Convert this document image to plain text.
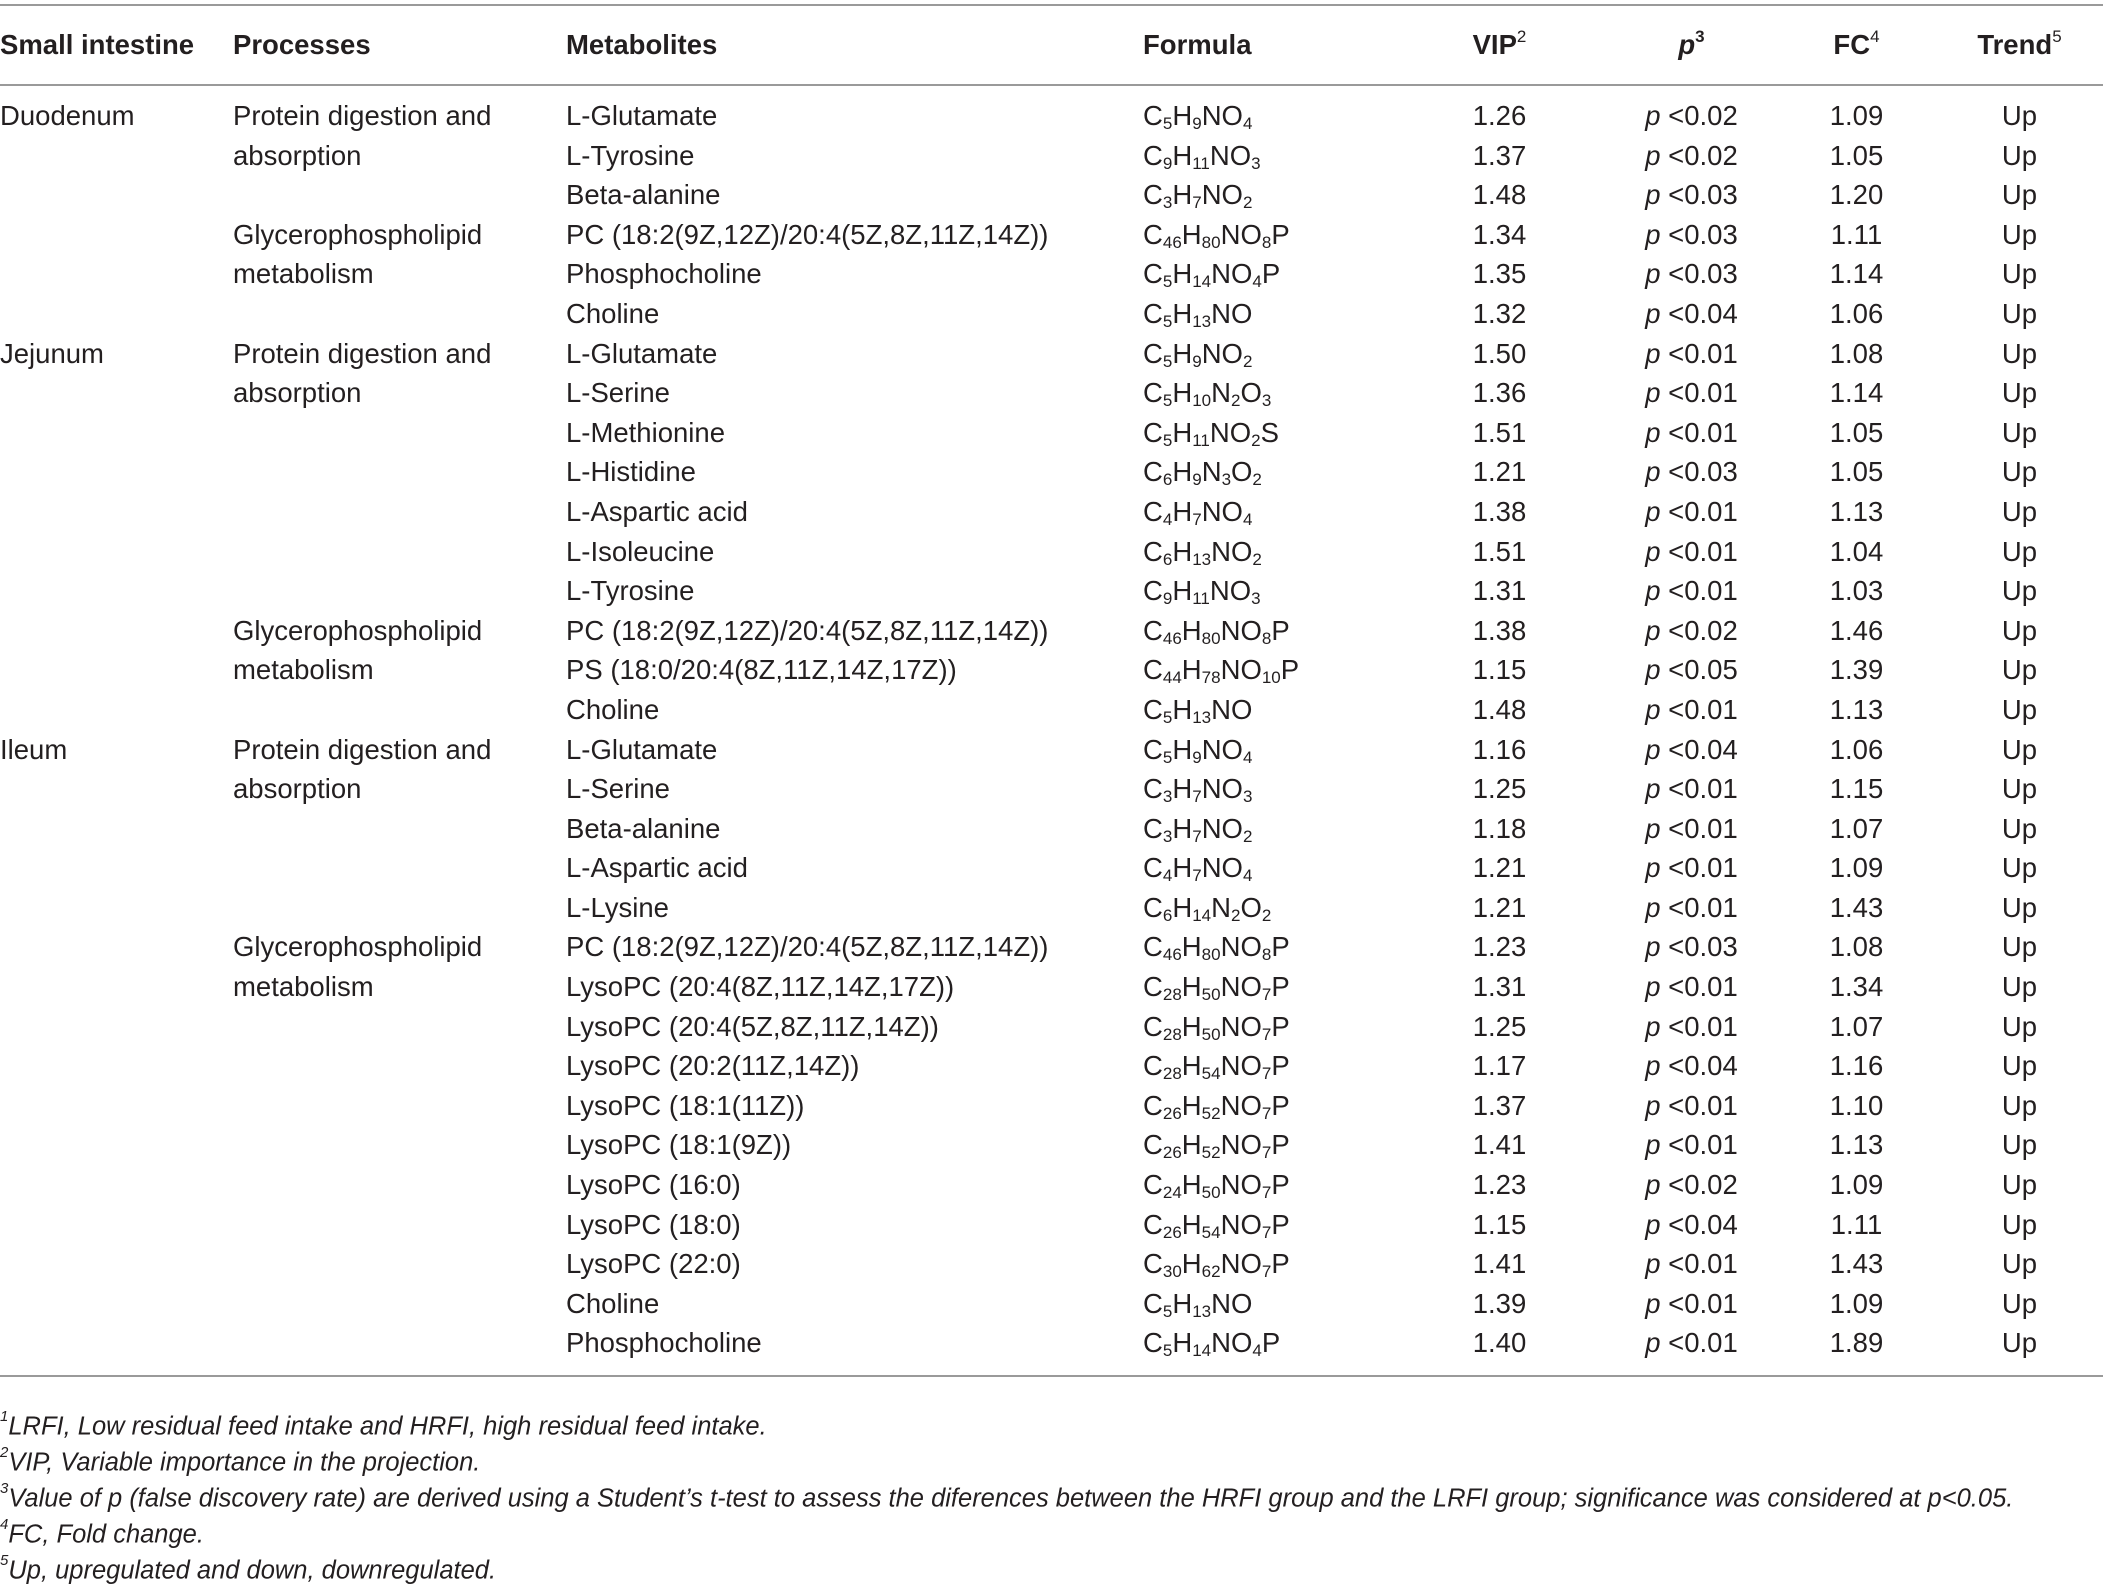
Small intestine	Processes	Metabolites	Formula	VIP$^2$	$p^3$	$FC^4$	Trend$^5$

Duodenum	Protein digestion and absorption	L-Glutamate	$C_5H_9NO_4$	1.26	p <0.02	1.09	Up
		L-Tyrosine	$C_9H_{11}NO_3$	1.37	p <0.02	1.05	Up
		Beta-alanine	$C_3H_7NO_2$	1.48	p <0.03	1.20	Up
	Glycerophospholipid metabolism	PC (18:2(9Z,12Z)/20:4(5Z,8Z,11Z,14Z))	$C_{46}H_{80}NO_8P$	1.34	p <0.03	1.11	Up
		Phosphocholine	$C_5H_{14}NO_4P$	1.35	p <0.03	1.14	Up
		Choline	$C_5H_{13}NO$	1.32	p <0.04	1.06	Up
Jejunum	Protein digestion and absorption	L-Glutamate	$C_5H_9NO_2$	1.50	p <0.01	1.08	Up
		L-Serine	$C_5H_{10}N_2O_3$	1.36	p <0.01	1.14	Up
		L-Methionine	$C_5H_{11}NO_2S$	1.51	p <0.01	1.05	Up
		L-Histidine	$C_6H_9N_3O_2$	1.21	p <0.03	1.05	Up
		L-Aspartic acid	$C_4H_7NO_4$	1.38	p <0.01	1.13	Up
		L-Isoleucine	$C_6H_{13}NO_2$	1.51	p <0.01	1.04	Up
		L-Tyrosine	$C_9H_{11}NO_3$	1.31	p <0.01	1.03	Up
	Glycerophospholipid metabolism	PC (18:2(9Z,12Z)/20:4(5Z,8Z,11Z,14Z))	$C_{46}H_{80}NO_8P$	1.38	p <0.02	1.46	Up
		PS (18:0/20:4(8Z,11Z,14Z,17Z))	$C_{44}H_{78}NO_{10}P$	1.15	p <0.05	1.39	Up
		Choline	$C_5H_{13}NO$	1.48	p <0.01	1.13	Up
Ileum	Protein digestion and absorption	L-Glutamate	$C_5H_9NO_4$	1.16	p <0.04	1.06	Up
		L-Serine	$C_3H_7NO_3$	1.25	p <0.01	1.15	Up
		Beta-alanine	$C_3H_7NO_2$	1.18	p <0.01	1.07	Up
		L-Aspartic acid	$C_4H_7NO_4$	1.21	p <0.01	1.09	Up
		L-Lysine	$C_6H_{14}N_2O_2$	1.21	p <0.01	1.43	Up
	Glycerophospholipid metabolism	PC (18:2(9Z,12Z)/20:4(5Z,8Z,11Z,14Z))	$C_{46}H_{80}NO_8P$	1.23	p <0.03	1.08	Up
		LysoPC (20:4(8Z,11Z,14Z,17Z))	$C_{28}H_{50}NO_7P$	1.31	p <0.01	1.34	Up
		LysoPC (20:4(5Z,8Z,11Z,14Z))	$C_{28}H_{50}NO_7P$	1.25	p <0.01	1.07	Up
		LysoPC (20:2(11Z,14Z))	$C_{28}H_{54}NO_7P$	1.17	p <0.04	1.16	Up
		LysoPC (18:1(11Z))	$C_{26}H_{52}NO_7P$	1.37	p <0.01	1.10	Up
		LysoPC (18:1(9Z))	$C_{26}H_{52}NO_7P$	1.41	p <0.01	1.13	Up
		LysoPC (16:0)	$C_{24}H_{50}NO_7P$	1.23	p <0.02	1.09	Up
		LysoPC (18:0)	$C_{26}H_{54}NO_7P$	1.15	p <0.04	1.11	Up
		LysoPC (22:0)	$C_{30}H_{62}NO_7P$	1.41	p <0.01	1.43	Up
		Choline	$C_5H_{13}NO$	1.39	p <0.01	1.09	Up
		Phosphocholine	$C_5H_{14}NO_4P$	1.40	p <0.01	1.89	Up

$^1$LRFI, Low residual feed intake and HRFI, high residual feed intake.
$^2$VIP, Variable importance in the projection.
$^3$Value of p (false discovery rate) are derived using a Student’s t-test to assess the diferences between the HRFI group and the LRFI group; significance was considered at p<0.05.
$^4$FC, Fold change.
$^5$Up, upregulated and down, downregulated.
